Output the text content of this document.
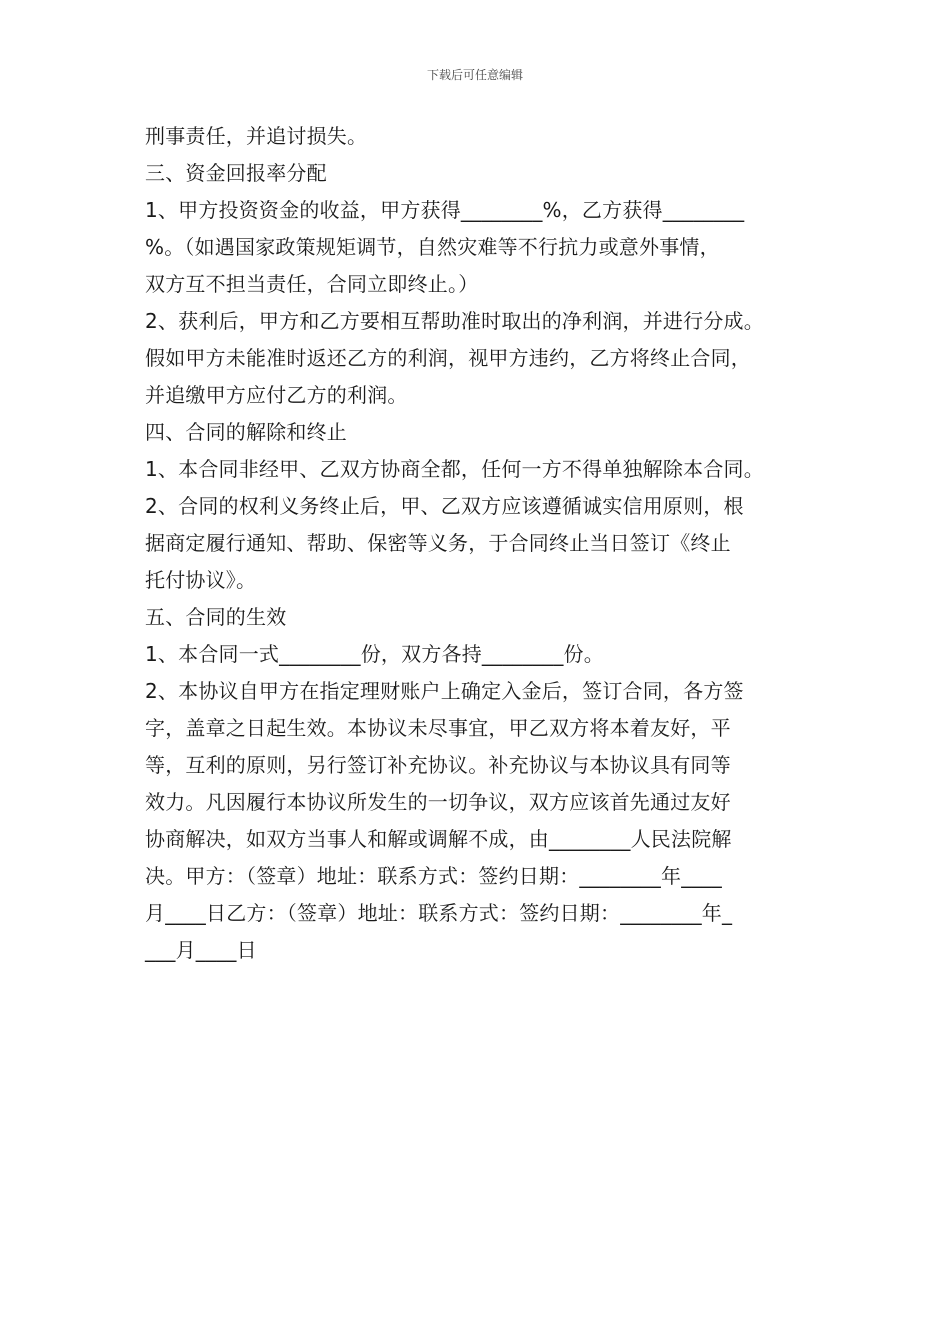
下载后可任意编辑
刑事责任，并追讨损失。
三、资金回报率分配
1、甲方投资资金的收益，甲方获得________%，乙方获得________
%。（如遇国家政策规矩调节，自然灾难等不行抗力或意外事情，
双方互不担当责任，合同立即终止。）
2、获利后，甲方和乙方要相互帮助准时取出的净利润，并进行分成。
假如甲方未能准时返还乙方的利润，视甲方违约，乙方将终止合同，
并追缴甲方应付乙方的利润。
四、合同的解除和终止
1、本合同非经甲、乙双方协商全都，任何一方不得单独解除本合同。
2、合同的权利义务终止后，甲、乙双方应该遵循诚实信用原则，根
据商定履行通知、帮助、保密等义务，于合同终止当日签订《终止
托付协议》。
五、合同的生效
1、本合同一式________份，双方各持________份。
2、本协议自甲方在指定理财账户上确定入金后，签订合同，各方签
字，盖章之日起生效。本协议未尽事宜，甲乙双方将本着友好，平
等，互利的原则，另行签订补充协议。补充协议与本协议具有同等
效力。凡因履行本协议所发生的一切争议，双方应该首先通过友好
协商解决，如双方当事人和解或调解不成，由________人民法院解
决。甲方：（签章）地址：联系方式：签约日期：________年____
月____日乙方：（签章）地址：联系方式：签约日期：________年_
___月____日
